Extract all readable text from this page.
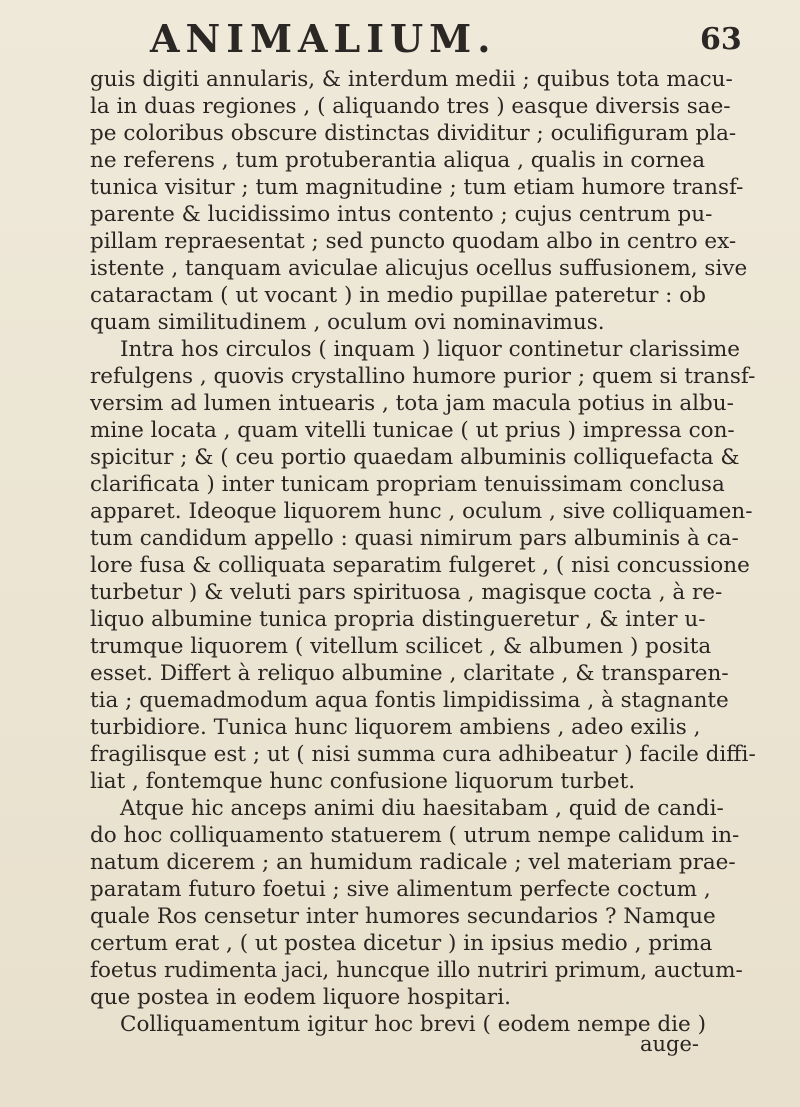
ANIMALIUM.	63
guis digiti annularis, & interdum medii ; quibus tota macu-
la in duas regiones , ( aliquando tres ) easque diversis sae-
pe coloribus obscure distinctas dividitur ; oculifiguram pla-
ne referens , tum protuberantia aliqua , qualis in cornea
tunica visitur ; tum magnitudine ; tum etiam humore transf-
parente & lucidissimo intus contento ; cujus centrum pu-
pillam repraesentat ; sed puncto quodam albo in centro ex-
istente , tanquam aviculae alicujus ocellus suffusionem, sive
cataractam ( ut vocant ) in medio pupillae pateretur : ob
quam similitudinem , oculum ovi nominavimus.
Intra hos circulos ( inquam ) liquor continetur clarissime
refulgens , quovis crystallino humore purior ; quem si transf-
versim ad lumen intuearis , tota jam macula potius in albu-
mine locata , quam vitelli tunicae ( ut prius ) impressa con-
spicitur ; & ( ceu portio quaedam albuminis colliquefacta &
clarificata ) inter tunicam propriam tenuissimam conclusa
apparet. Ideoque liquorem hunc , oculum , sive colliquamen-
tum candidum appello : quasi nimirum pars albuminis à ca-
lore fusa & colliquata separatim fulgeret , ( nisi concussione
turbetur ) & veluti pars spirituosa , magisque cocta , à re-
liquo albumine tunica propria distingueretur , & inter u-
trumque liquorem ( vitellum scilicet , & albumen ) posita
esset. Differt à reliquo albumine , claritate , & transparen-
tia ; quemadmodum aqua fontis limpidissima , à stagnante
turbidiore. Tunica hunc liquorem ambiens , adeo exilis ,
fragilisque est ; ut ( nisi summa cura adhibeatur ) facile diffi-
liat , fontemque hunc confusione liquorum turbet.
Atque hic anceps animi diu haesitabam , quid de candi-
do hoc colliquamento statuerem ( utrum nempe calidum in-
natum dicerem ; an humidum radicale ; vel materiam prae-
paratam futuro foetui ; sive alimentum perfecte coctum ,
quale Ros censetur inter humores secundarios ? Namque
certum erat , ( ut postea dicetur ) in ipsius medio , prima
foetus rudimenta jaci, huncque illo nutriri primum, auctum-
que postea in eodem liquore hospitari.
Colliquamentum igitur hoc brevi ( eodem nempe die )
auge-
